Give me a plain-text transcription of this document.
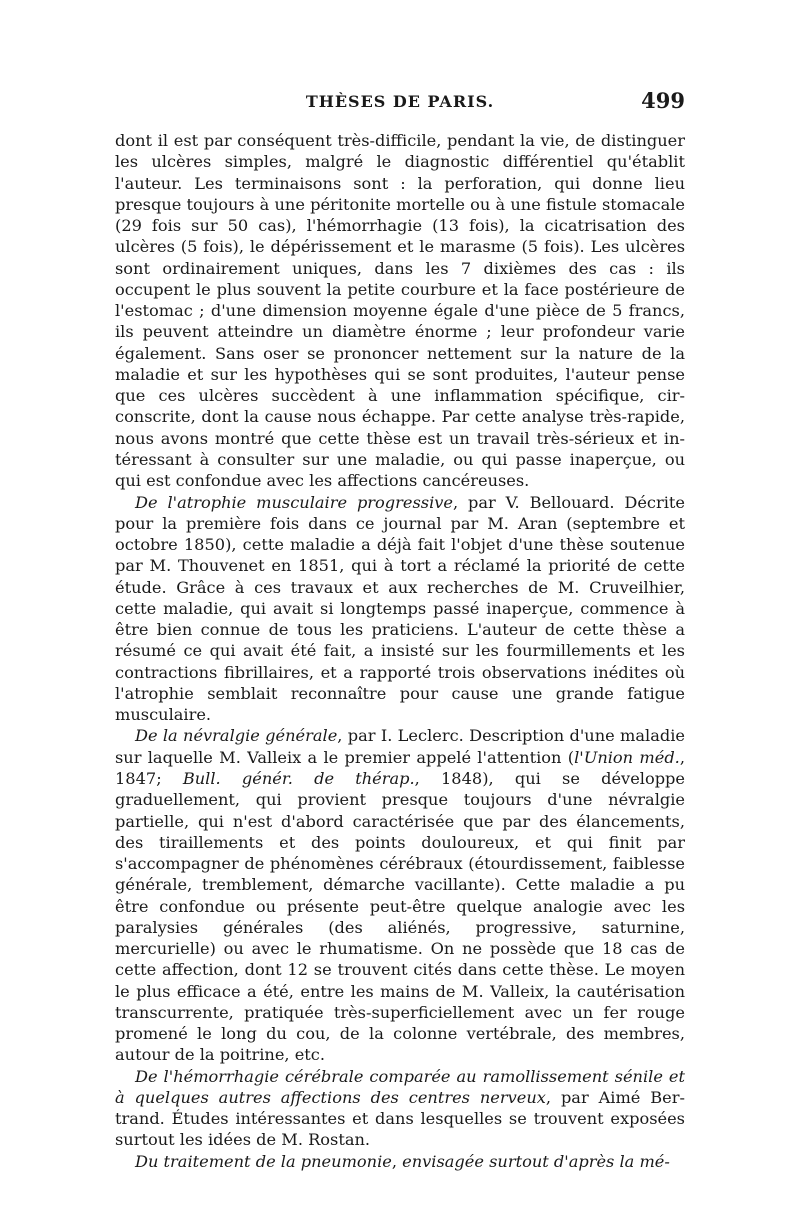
THÈSES DE PARIS.	499

dont il est par conséquent très-difficile, pendant la vie, de distinguer les ulcères simples, malgré le diagnostic différentiel qu'établit l'auteur. Les terminaisons sont : la perforation, qui donne lieu presque toujours à une péritonite mortelle ou à une fistule stomacale (29 fois sur 50 cas), l'hémorrhagie (13 fois), la cicatrisation des ulcères (5 fois), le dépérissement et le marasme (5 fois). Les ulcères sont ordinairement uniques, dans les 7 dixièmes des cas : ils occupent le plus souvent la petite courbure et la face postérieure de l'estomac ; d'une dimension moyenne égale d'une pièce de 5 francs, ils peuvent atteindre un diamètre énorme ; leur profondeur varie également. Sans oser se prononcer nettement sur la nature de la maladie et sur les hypothèses qui se sont produites, l'auteur pense que ces ulcères succèdent à une inflammation spécifique, circonscrite, dont la cause nous échappe. Par cette analyse très-rapide, nous avons montré que cette thèse est un travail très-sérieux et intéressant à consulter sur une maladie, ou qui passe inaperçue, ou qui est confondue avec les affections cancéreuses.

De l'atrophie musculaire progressive, par V. Bellouard. Décrite pour la première fois dans ce journal par M. Aran (septembre et octobre 1850), cette maladie a déjà fait l'objet d'une thèse soutenue par M. Thouvenet en 1851, qui à tort a réclamé la priorité de cette étude. Grâce à ces travaux et aux recherches de M. Cruveilhier, cette maladie, qui avait si longtemps passé inaperçue, commence à être bien connue de tous les praticiens. L'auteur de cette thèse a résumé ce qui avait été fait, a insisté sur les fourmillements et les contractions fibrillaires, et a rapporté trois observations inédites où l'atrophie semblait reconnaître pour cause une grande fatigue musculaire.

De la névralgie générale, par I. Leclerc. Description d'une maladie sur laquelle M. Valleix a le premier appelé l'attention (l'Union méd., 1847; Bull. génér. de thérap., 1848), qui se développe graduellement, qui provient presque toujours d'une névralgie partielle, qui n'est d'abord caractérisée que par des élancements, des tiraillements et des points douloureux, et qui finit par s'accompagner de phénomènes cérébraux (étourdissement, faiblesse générale, tremblement, démarche vacillante). Cette maladie a pu être confondue ou présente peut-être quelque analogie avec les paralysies générales (des aliénés, progressive, saturnine, mercurielle) ou avec le rhumatisme. On ne possède que 18 cas de cette affection, dont 12 se trouvent cités dans cette thèse. Le moyen le plus efficace a été, entre les mains de M. Valleix, la cautérisation transcurrente, pratiquée très-superficiellement avec un fer rouge promené le long du cou, de la colonne vertébrale, des membres, autour de la poitrine, etc.

De l'hémorrhagie cérébrale comparée au ramollissement sénile et à quelques autres affections des centres nerveux, par Aimé Bertrand. Études intéressantes et dans lesquelles se trouvent exposées surtout les idées de M. Rostan.

Du traitement de la pneumonie, envisagée surtout d'après la mé-
